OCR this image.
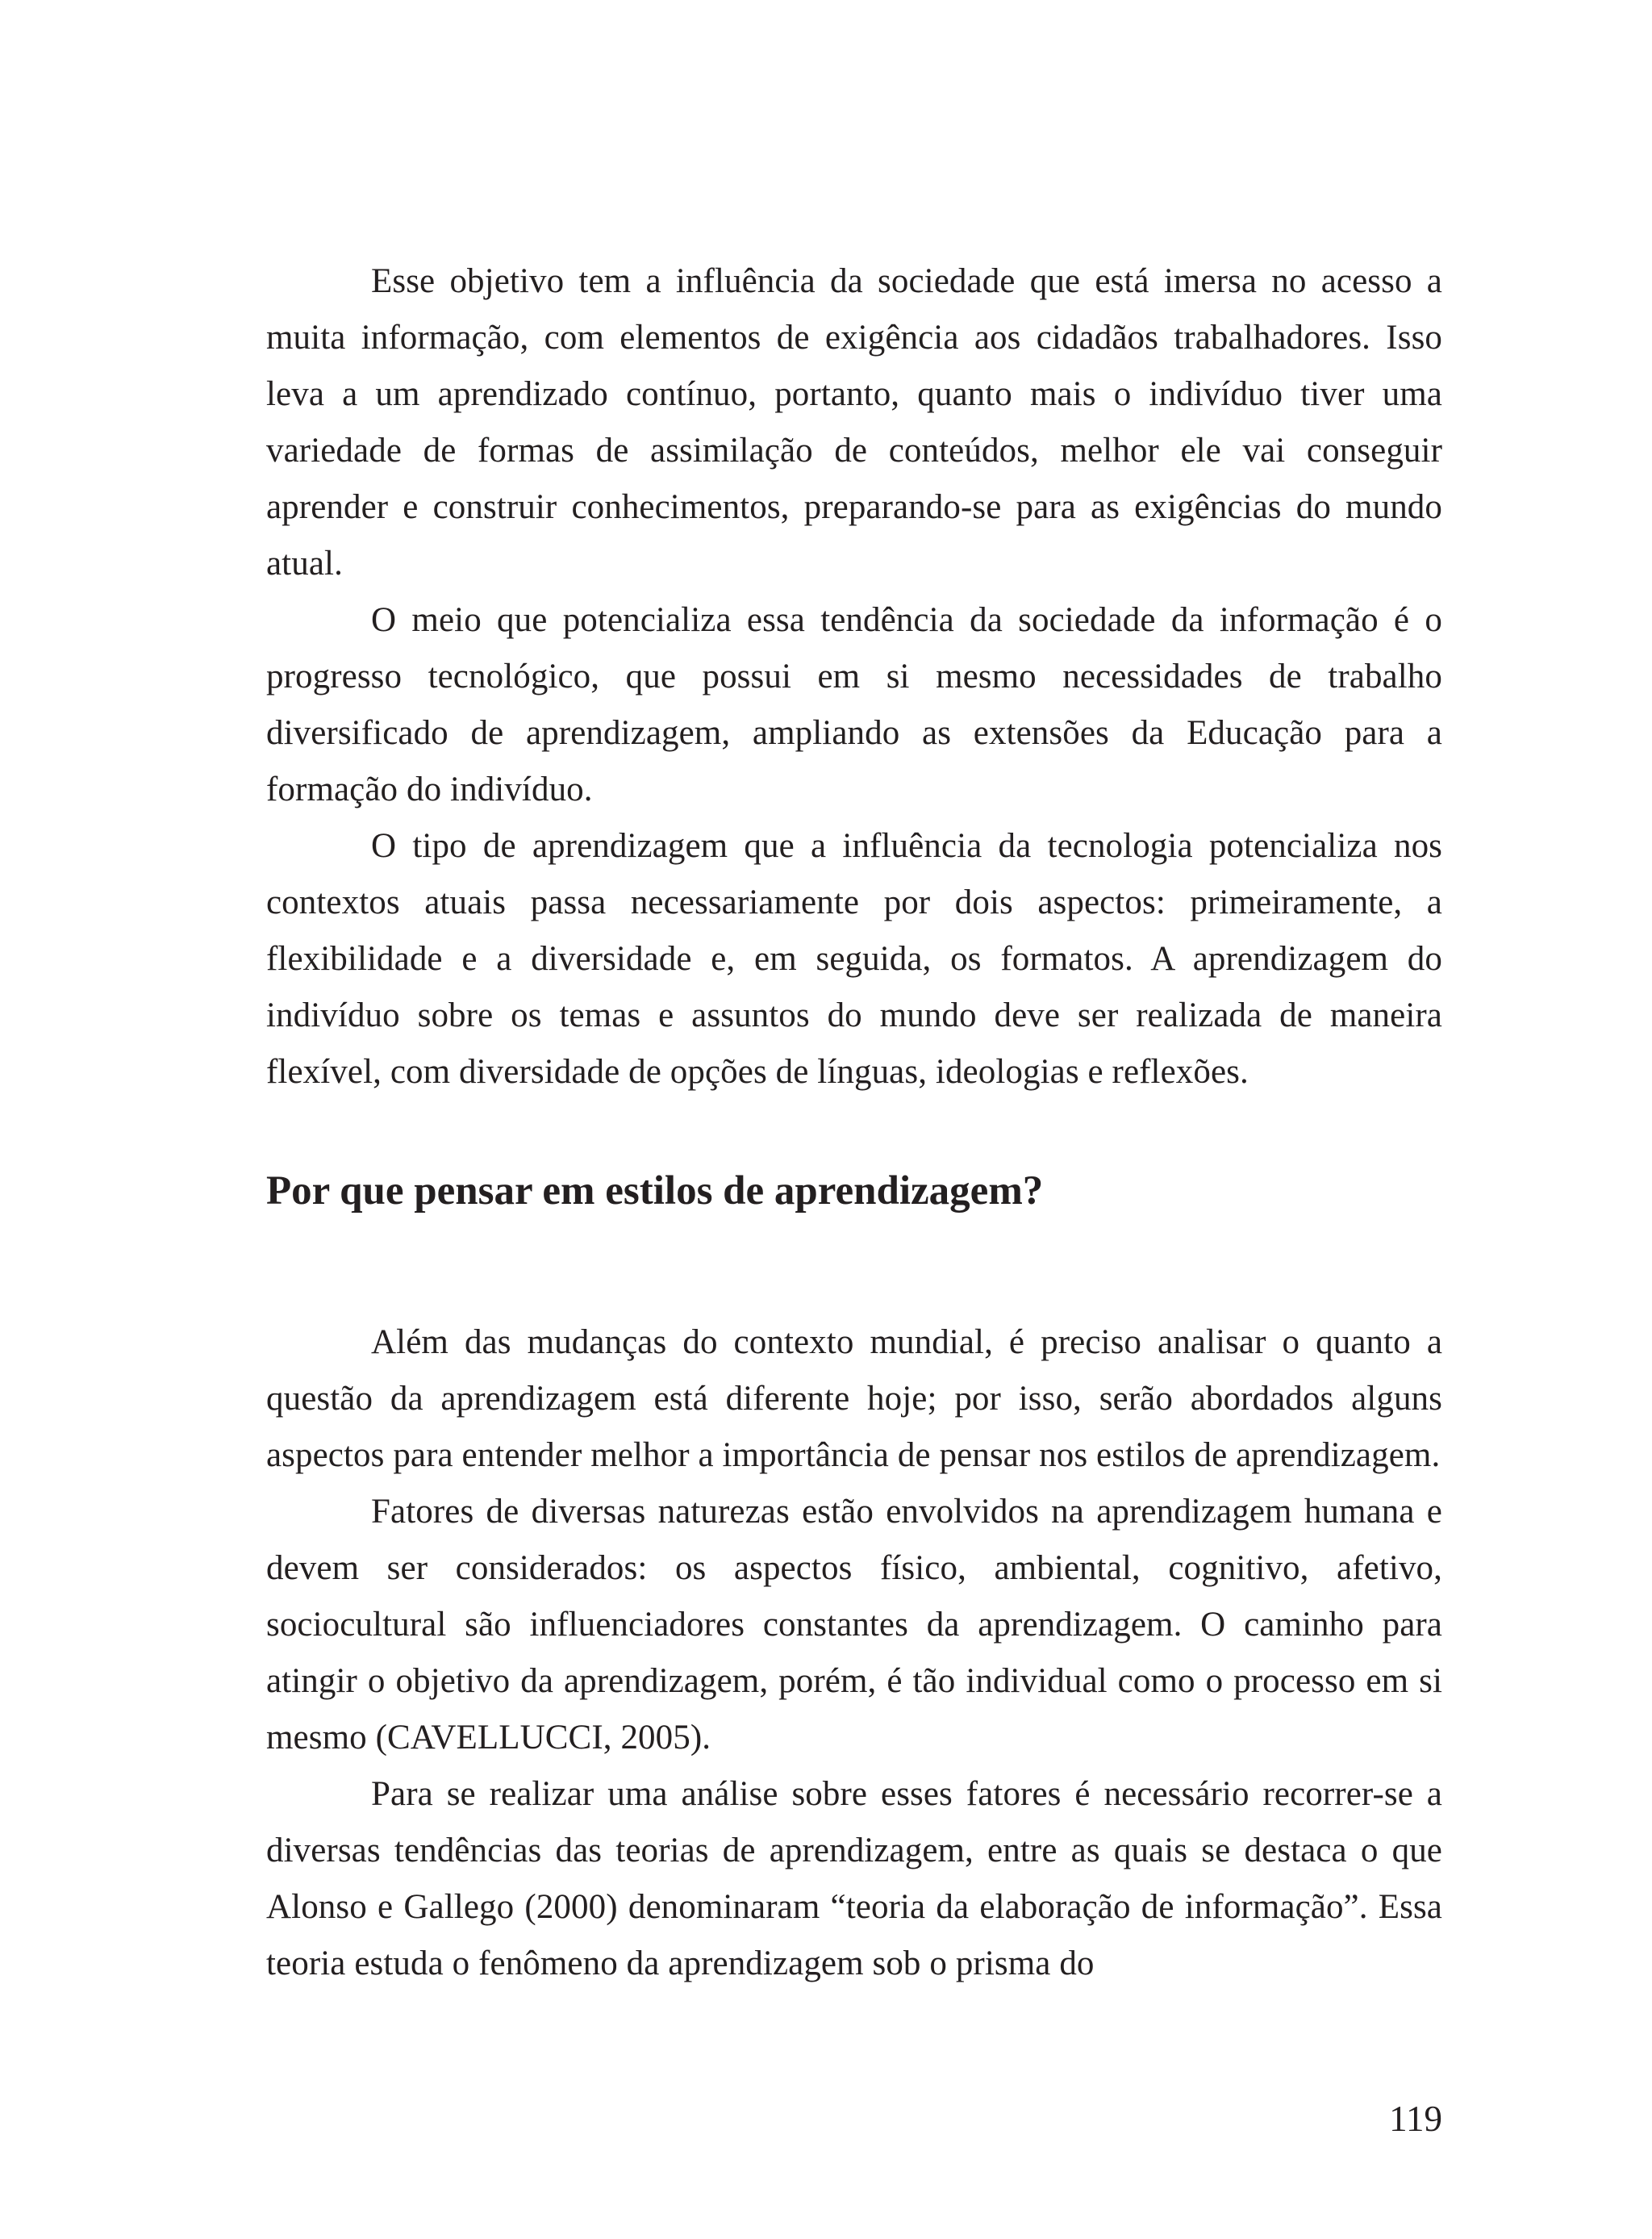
Esse objetivo tem a influência da sociedade que está imersa no acesso a muita informação, com elementos de exigência aos cidadãos trabalhadores. Isso leva a um aprendizado contínuo, portanto, quanto mais o indivíduo tiver uma variedade de formas de assimilação de conteúdos, melhor ele vai conseguir aprender e construir conhecimentos, preparando-se para as exigências do mundo atual.

O meio que potencializa essa tendência da sociedade da informação é o progresso tecnológico, que possui em si mesmo necessidades de trabalho diversificado de aprendizagem, ampliando as extensões da Educação para a formação do indivíduo.

O tipo de aprendizagem que a influência da tecnologia potencializa nos contextos atuais passa necessariamente por dois aspectos: primeiramente, a flexibilidade e a diversidade e, em seguida, os formatos. A aprendizagem do indivíduo sobre os temas e assuntos do mundo deve ser realizada de maneira flexível, com diversidade de opções de línguas, ideologias e reflexões.

Por que pensar em estilos de aprendizagem?

Além das mudanças do contexto mundial, é preciso analisar o quanto a questão da aprendizagem está diferente hoje; por isso, serão abordados alguns aspectos para entender melhor a importância de pensar nos estilos de aprendizagem.

Fatores de diversas naturezas estão envolvidos na aprendizagem humana e devem ser considerados: os aspectos físico, ambiental, cognitivo, afetivo, sociocultural são influenciadores constantes da aprendizagem. O caminho para atingir o objetivo da aprendizagem, porém, é tão individual como o processo em si mesmo (CAVELLUCCI, 2005).

Para se realizar uma análise sobre esses fatores é necessário recorrer-se a diversas tendências das teorias de aprendizagem, entre as quais se destaca o que Alonso e Gallego (2000) denominaram “teoria da elaboração de informação”. Essa teoria estuda o fenômeno da aprendizagem sob o prisma do

119
